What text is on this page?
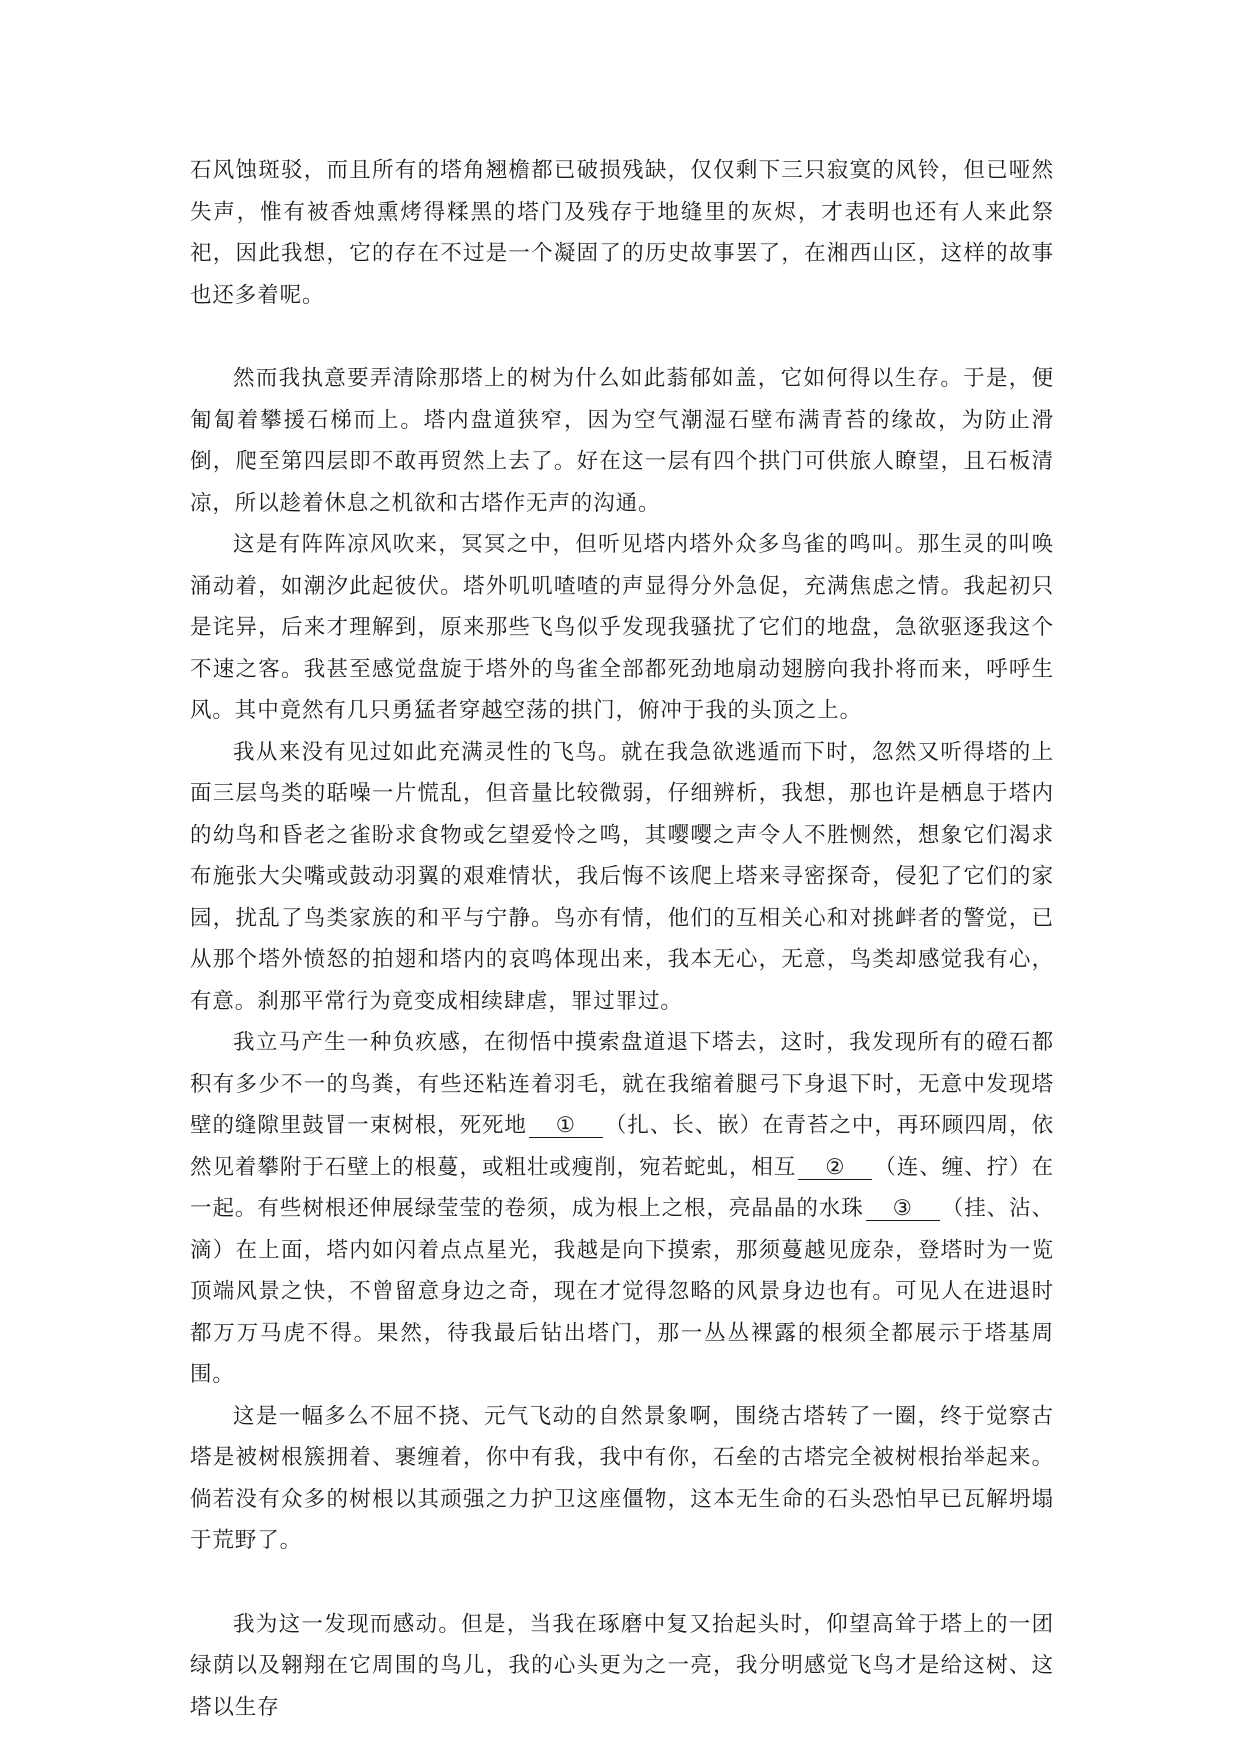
石风蚀斑驳，而且所有的塔角翘檐都已破损残缺，仅仅剩下三只寂寞的风铃，但已哑然失声，惟有被香烛熏烤得糅黑的塔门及残存于地缝里的灰烬，才表明也还有人来此祭祀，因此我想，它的存在不过是一个凝固了的历史故事罢了，在湘西山区，这样的故事也还多着呢。

然而我执意要弄清除那塔上的树为什么如此蓊郁如盖，它如何得以生存。于是，便匍匐着攀援石梯而上。塔内盘道狭窄，因为空气潮湿石壁布满青苔的缘故，为防止滑倒，爬至第四层即不敢再贸然上去了。好在这一层有四个拱门可供旅人瞭望，且石板清凉，所以趁着休息之机欲和古塔作无声的沟通。

这是有阵阵凉风吹来，冥冥之中，但听见塔内塔外众多鸟雀的鸣叫。那生灵的叫唤涌动着，如潮汐此起彼伏。塔外叽叽喳喳的声显得分外急促，充满焦虑之情。我起初只是诧异，后来才理解到，原来那些飞鸟似乎发现我骚扰了它们的地盘，急欲驱逐我这个不速之客。我甚至感觉盘旋于塔外的鸟雀全部都死劲地扇动翅膀向我扑将而来，呼呼生风。其中竟然有几只勇猛者穿越空荡的拱门，俯冲于我的头顶之上。

我从来没有见过如此充满灵性的飞鸟。就在我急欲逃遁而下时，忽然又听得塔的上面三层鸟类的聒噪一片慌乱，但音量比较微弱，仔细辨析，我想，那也许是栖息于塔内的幼鸟和昏老之雀盼求食物或乞望爱怜之鸣，其嘤嘤之声令人不胜恻然，想象它们渴求布施张大尖嘴或鼓动羽翼的艰难情状，我后悔不该爬上塔来寻密探奇，侵犯了它们的家园，扰乱了鸟类家族的和平与宁静。鸟亦有情，他们的互相关心和对挑衅者的警觉，已从那个塔外愤怒的拍翅和塔内的哀鸣体现出来，我本无心，无意，鸟类却感觉我有心，有意。刹那平常行为竟变成相续肆虐，罪过罪过。

我立马产生一种负疚感，在彻悟中摸索盘道退下塔去，这时，我发现所有的磴石都积有多少不一的鸟粪，有些还粘连着羽毛，就在我缩着腿弓下身退下时，无意中发现塔壁的缝隙里鼓冒一束树根，死死地 ① （扎、长、嵌）在青苔之中，再环顾四周，依然见着攀附于石壁上的根蔓，或粗壮或瘦削，宛若蛇虬，相互 ② （连、缠、拧）在一起。有些树根还伸展绿莹莹的卷须，成为根上之根，亮晶晶的水珠 ③ （挂、沾、滴）在上面，塔内如闪着点点星光，我越是向下摸索，那须蔓越见庞杂，登塔时为一览顶端风景之快，不曾留意身边之奇，现在才觉得忽略的风景身边也有。可见人在进退时都万万马虎不得。果然，待我最后钻出塔门，那一丛丛裸露的根须全都展示于塔基周围。

这是一幅多么不屈不挠、元气飞动的自然景象啊，围绕古塔转了一圈，终于觉察古塔是被树根簇拥着、裹缠着，你中有我，我中有你，石垒的古塔完全被树根抬举起来。倘若没有众多的树根以其顽强之力护卫这座僵物，这本无生命的石头恐怕早已瓦解坍塌于荒野了。

我为这一发现而感动。但是，当我在琢磨中复又抬起头时，仰望高耸于塔上的一团绿荫以及翱翔在它周围的鸟儿，我的心头更为之一亮，我分明感觉飞鸟才是给这树、这塔以生存
